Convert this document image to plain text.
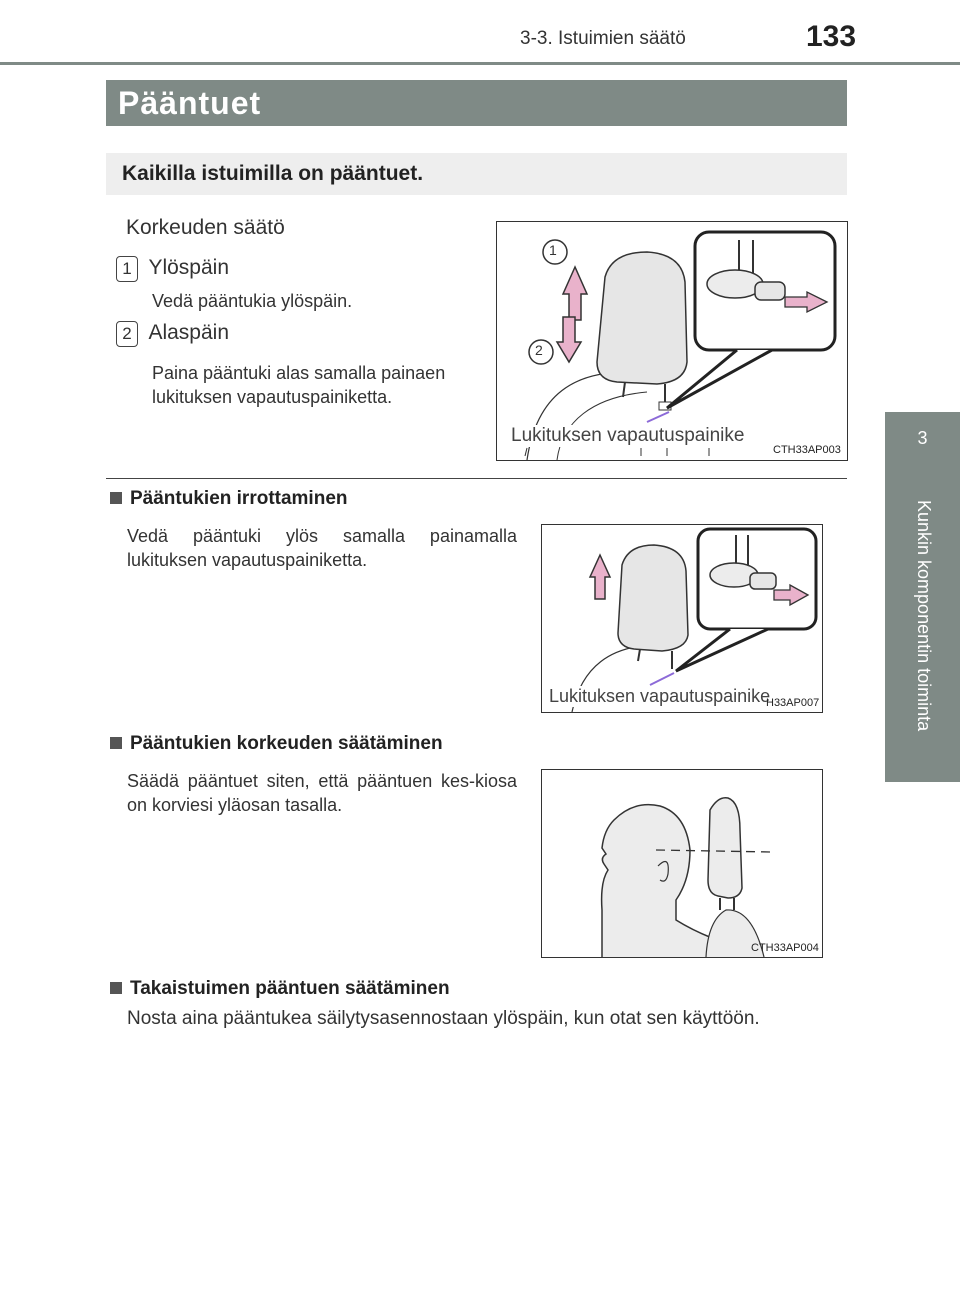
3-3. Istuimien säätö	133
3
Kunkin komponentin toiminta
Pääntuet
Kaikilla istuimilla on pääntuet.
Korkeuden säätö
1 Ylöspäin
Vedä pääntukia ylöspäin.
2 Alaspäin
Paina pääntuki alas samalla painaen lukituksen vapautuspainiketta.
1
2
Lukituksen vapautuspainike
CTH33AP003
Pääntukien irrottaminen
Vedä pääntuki ylös samalla painamalla lukituksen vapautuspainiketta.
Lukituksen vapautuspainike
H33AP007
Pääntukien korkeuden säätäminen
Säädä pääntuet siten, että pääntuen kes-kiosa on korviesi yläosan tasalla.
CTH33AP004
Takaistuimen pääntuen säätäminen
Nosta aina pääntukea säilytysasennostaan ylöspäin, kun otat sen käyttöön.
